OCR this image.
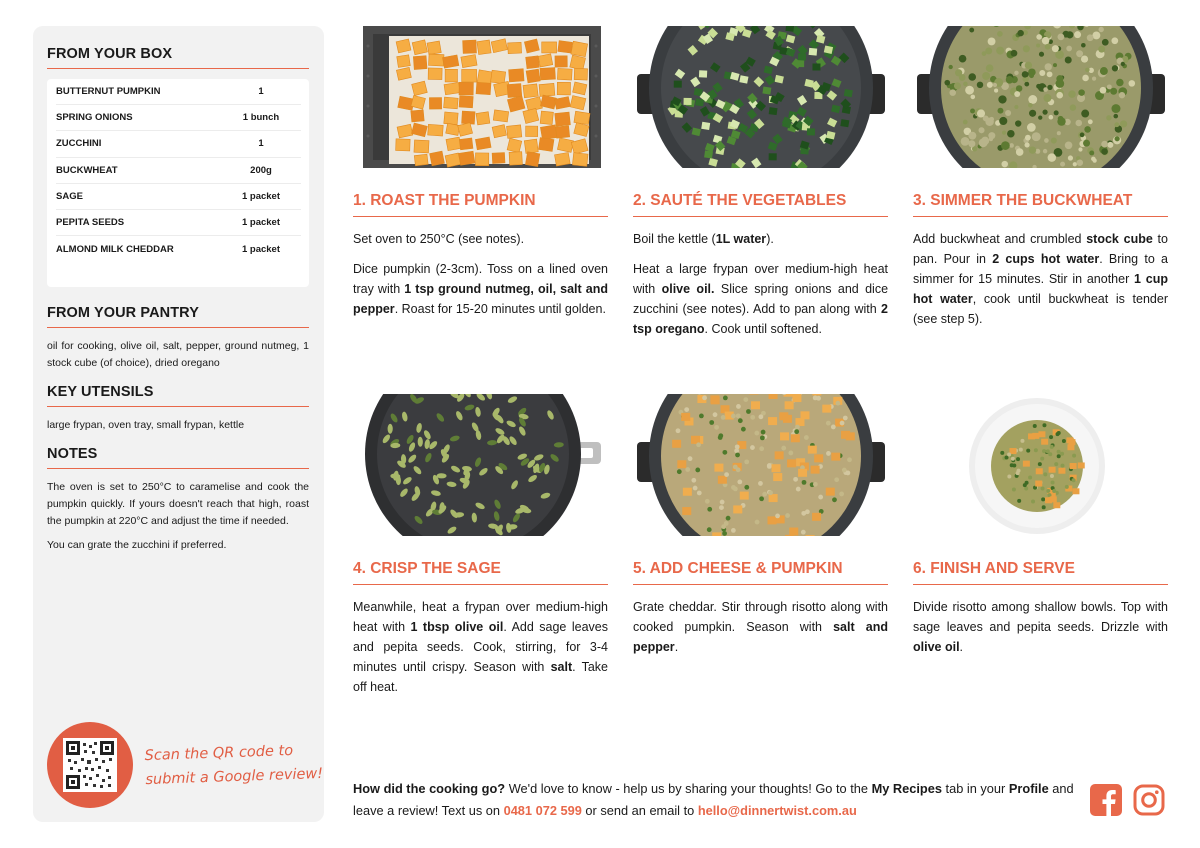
FROM YOUR BOX
BUTTERNUT PUMPKIN	1
SPRING ONIONS	1 bunch
ZUCCHINI	1
BUCKWHEAT	200g
SAGE	1 packet
PEPITA SEEDS	1 packet
ALMOND MILK CHEDDAR	1 packet
FROM YOUR PANTRY

oil for cooking, olive oil, salt, pepper, ground nutmeg, 1 stock cube (of choice), dried oregano

KEY UTENSILS

large frypan, oven tray, small frypan, kettle

NOTES

The oven is set to 250°C to caramelise and cook the pumpkin quickly. If yours doesn't reach that high, roast the pumpkin at 220°C and adjust the time if needed.

You can grate the zucchini if preferred.

Scan the QR code to
submit a Google review!
1. ROAST THE PUMPKIN

Set oven to 250°C (see notes).

Dice pumpkin (2-3cm). Toss on a lined oven tray with 1 tsp ground nutmeg, oil, salt and pepper. Roast for 15-20 minutes until golden.

2. SAUTÉ THE VEGETABLES

Boil the kettle (1L water).

Heat a large frypan over medium-high heat with olive oil. Slice spring onions and dice zucchini (see notes). Add to pan along with 2 tsp oregano. Cook until softened.

3. SIMMER THE BUCKWHEAT

Add buckwheat and crumbled stock cube to pan. Pour in 2 cups hot water. Bring to a simmer for 15 minutes. Stir in another 1 cup hot water, cook until buckwheat is tender (see step 5).

4. CRISP THE SAGE

Meanwhile, heat a frypan over medium-high heat with 1 tbsp olive oil. Add sage leaves and pepita seeds. Cook, stirring, for 3-4 minutes until crispy. Season with salt. Take off heat.

5. ADD CHEESE & PUMPKIN

Grate cheddar. Stir through risotto along with cooked pumpkin. Season with salt and pepper.

6. FINISH AND SERVE

Divide risotto among shallow bowls. Top with sage leaves and pepita seeds. Drizzle with olive oil.

How did the cooking go? We'd love to know - help us by sharing your thoughts! Go to the My Recipes tab in your Profile and leave a review! Text us on 0481 072 599 or send an email to hello@dinnertwist.com.au
